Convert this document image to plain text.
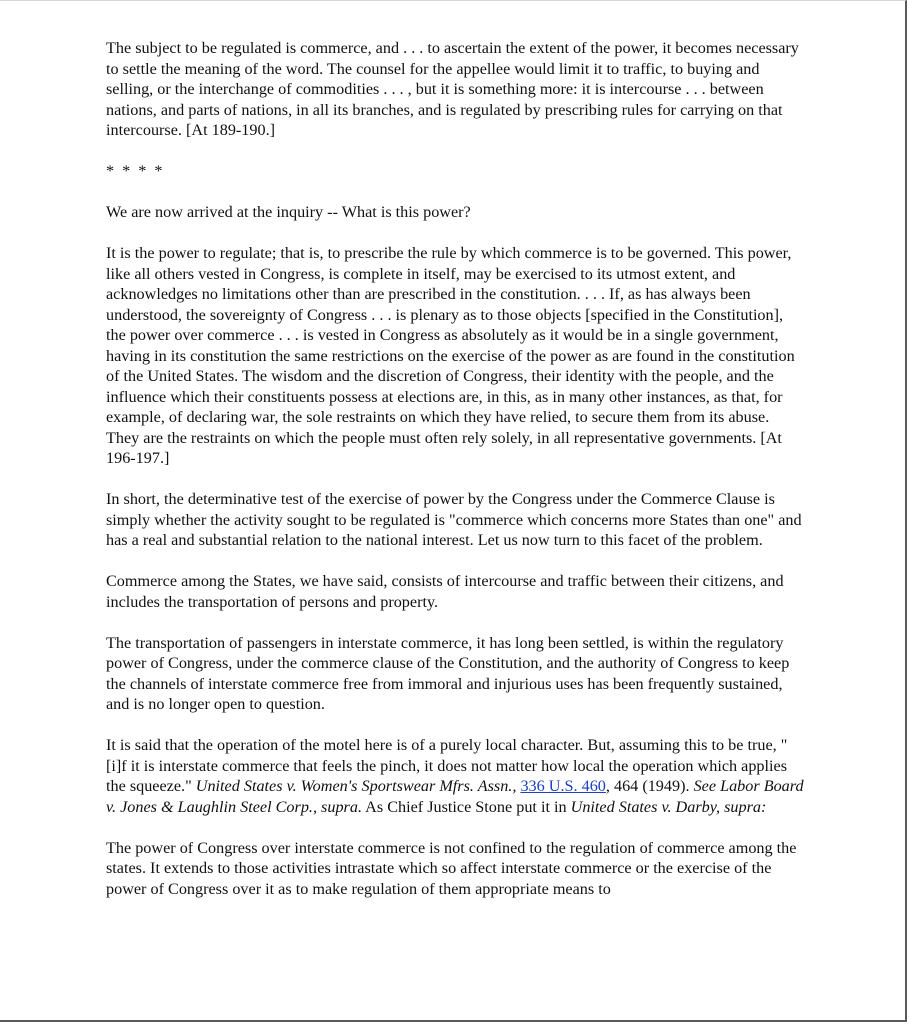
The subject to be regulated is commerce, and . . . to ascertain the extent of the power, it becomes necessary to settle the meaning of the word. The counsel for the appellee would limit it to traffic, to buying and selling, or the interchange of commodities . . . , but it is something more: it is intercourse . . . between nations, and parts of nations, in all its branches, and is regulated by prescribing rules for carrying on that intercourse. [At 189-190.]

* * * *

We are now arrived at the inquiry -- What is this power?

It is the power to regulate; that is, to prescribe the rule by which commerce is to be governed. This power, like all others vested in Congress, is complete in itself, may be exercised to its utmost extent, and acknowledges no limitations other than are prescribed in the constitution. . . . If, as has always been understood, the sovereignty of Congress . . . is plenary as to those objects [specified in the Constitution], the power over commerce . . . is vested in Congress as absolutely as it would be in a single government, having in its constitution the same restrictions on the exercise of the power as are found in the constitution of the United States. The wisdom and the discretion of Congress, their identity with the people, and the influence which their constituents possess at elections are, in this, as in many other instances, as that, for example, of declaring war, the sole restraints on which they have relied, to secure them from its abuse. They are the restraints on which the people must often rely solely, in all representative governments. [At 196-197.]

In short, the determinative test of the exercise of power by the Congress under the Commerce Clause is simply whether the activity sought to be regulated is "commerce which concerns more States than one" and has a real and substantial relation to the national interest. Let us now turn to this facet of the problem.

Commerce among the States, we have said, consists of intercourse and traffic between their citizens, and includes the transportation of persons and property.

The transportation of passengers in interstate commerce, it has long been settled, is within the regulatory power of Congress, under the commerce clause of the Constitution, and the authority of Congress to keep the channels of interstate commerce free from immoral and injurious uses has been frequently sustained, and is no longer open to question.

It is said that the operation of the motel here is of a purely local character. But, assuming this to be true, "[i]f it is interstate commerce that feels the pinch, it does not matter how local the operation which applies the squeeze." United States v. Women's Sportswear Mfrs. Assn., 336 U.S. 460, 464 (1949). See Labor Board v. Jones & Laughlin Steel Corp., supra. As Chief Justice Stone put it in United States v. Darby, supra:

The power of Congress over interstate commerce is not confined to the regulation of commerce among the states. It extends to those activities intrastate which so affect interstate commerce or the exercise of the power of Congress over it as to make regulation of them appropriate means to
